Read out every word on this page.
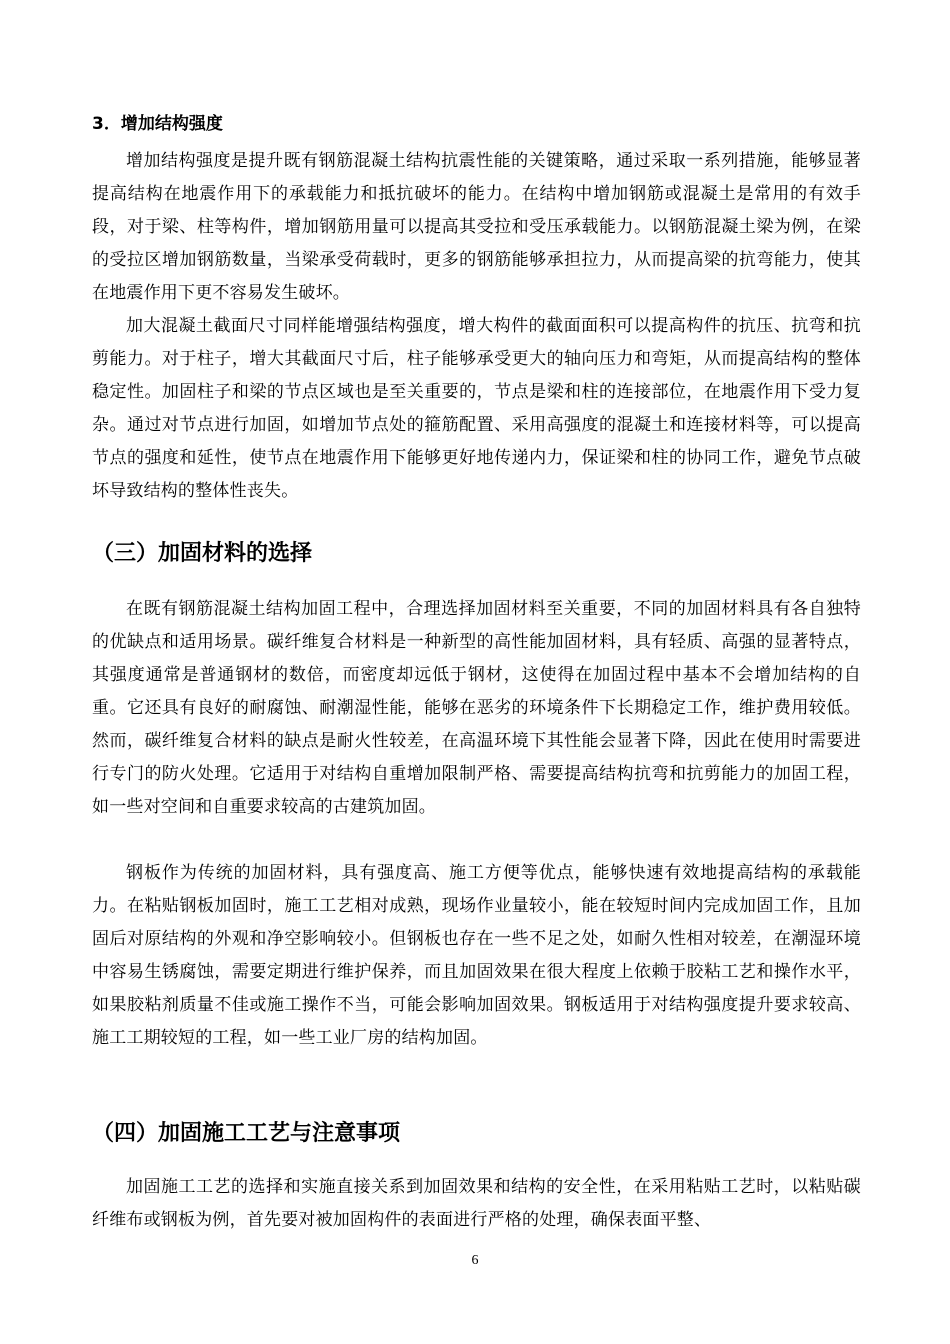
3．增加结构强度

增加结构强度是提升既有钢筋混凝土结构抗震性能的关键策略，通过采取一系列措施，能够显著提高结构在地震作用下的承载能力和抵抗破坏的能力。在结构中增加钢筋或混凝土是常用的有效手段，对于梁、柱等构件，增加钢筋用量可以提高其受拉和受压承载能力。以钢筋混凝土梁为例，在梁的受拉区增加钢筋数量，当梁承受荷载时，更多的钢筋能够承担拉力，从而提高梁的抗弯能力，使其在地震作用下更不容易发生破坏。

加大混凝土截面尺寸同样能增强结构强度，增大构件的截面面积可以提高构件的抗压、抗弯和抗剪能力。对于柱子，增大其截面尺寸后，柱子能够承受更大的轴向压力和弯矩，从而提高结构的整体稳定性。加固柱子和梁的节点区域也是至关重要的，节点是梁和柱的连接部位，在地震作用下受力复杂。通过对节点进行加固，如增加节点处的箍筋配置、采用高强度的混凝土和连接材料等，可以提高节点的强度和延性，使节点在地震作用下能够更好地传递内力，保证梁和柱的协同工作，避免节点破坏导致结构的整体性丧失。

（三）加固材料的选择

在既有钢筋混凝土结构加固工程中，合理选择加固材料至关重要，不同的加固材料具有各自独特的优缺点和适用场景。碳纤维复合材料是一种新型的高性能加固材料，具有轻质、高强的显著特点，其强度通常是普通钢材的数倍，而密度却远低于钢材，这使得在加固过程中基本不会增加结构的自重。它还具有良好的耐腐蚀、耐潮湿性能，能够在恶劣的环境条件下长期稳定工作，维护费用较低。然而，碳纤维复合材料的缺点是耐火性较差，在高温环境下其性能会显著下降，因此在使用时需要进行专门的防火处理。它适用于对结构自重增加限制严格、需要提高结构抗弯和抗剪能力的加固工程，如一些对空间和自重要求较高的古建筑加固。

钢板作为传统的加固材料，具有强度高、施工方便等优点，能够快速有效地提高结构的承载能力。在粘贴钢板加固时，施工工艺相对成熟，现场作业量较小，能在较短时间内完成加固工作，且加固后对原结构的外观和净空影响较小。但钢板也存在一些不足之处，如耐久性相对较差，在潮湿环境中容易生锈腐蚀，需要定期进行维护保养，而且加固效果在很大程度上依赖于胶粘工艺和操作水平，如果胶粘剂质量不佳或施工操作不当，可能会影响加固效果。钢板适用于对结构强度提升要求较高、施工工期较短的工程，如一些工业厂房的结构加固。

（四）加固施工工艺与注意事项

加固施工工艺的选择和实施直接关系到加固效果和结构的安全性，在采用粘贴工艺时，以粘贴碳纤维布或钢板为例，首先要对被加固构件的表面进行严格的处理，确保表面平整、

6
